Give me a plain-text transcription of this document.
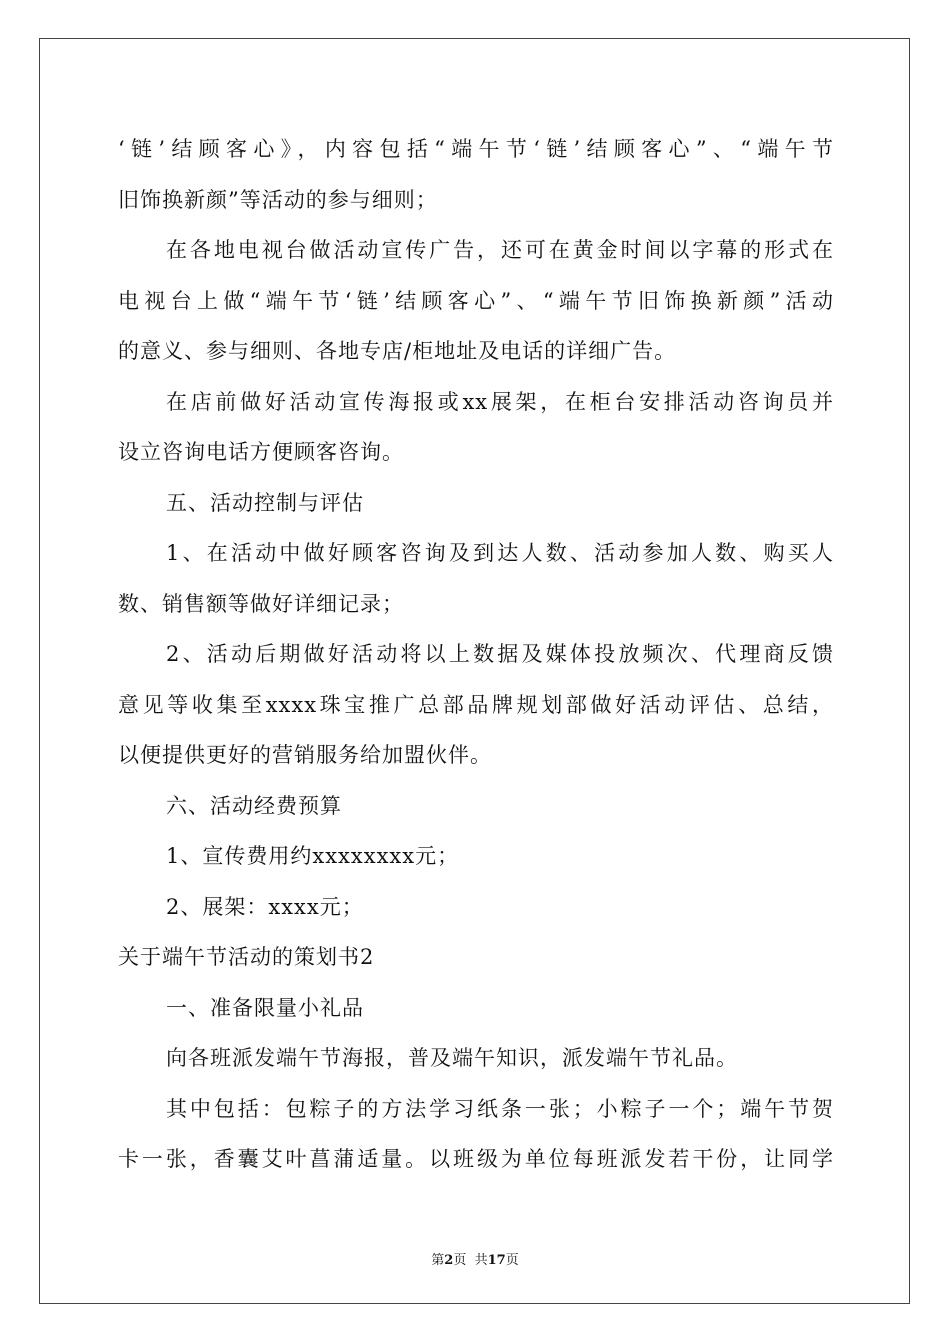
‘链’结顾客心》，内容包括“端午节‘链’结顾客心”、“端午节
旧饰换新颜”等活动的参与细则；
在各地电视台做活动宣传广告，还可在黄金时间以字幕的形式在
电视台上做“端午节‘链’结顾客心”、“端午节旧饰换新颜”活动
的意义、参与细则、各地专店/柜地址及电话的详细广告。
在店前做好活动宣传海报或xx展架，在柜台安排活动咨询员并
设立咨询电话方便顾客咨询。
五、活动控制与评估
1、在活动中做好顾客咨询及到达人数、活动参加人数、购买人
数、销售额等做好详细记录；
2、活动后期做好活动将以上数据及媒体投放频次、代理商反馈
意见等收集至xxxx珠宝推广总部品牌规划部做好活动评估、总结，
以便提供更好的营销服务给加盟伙伴。
六、活动经费预算
1、宣传费用约xxxxxxxx元；
2、展架：xxxx元；
关于端午节活动的策划书2
一、准备限量小礼品
向各班派发端午节海报，普及端午知识，派发端午节礼品。
其中包括：包粽子的方法学习纸条一张；小粽子一个；端午节贺
卡一张，香囊艾叶菖蒲适量。以班级为单位每班派发若干份，让同学
第2页  共17页
